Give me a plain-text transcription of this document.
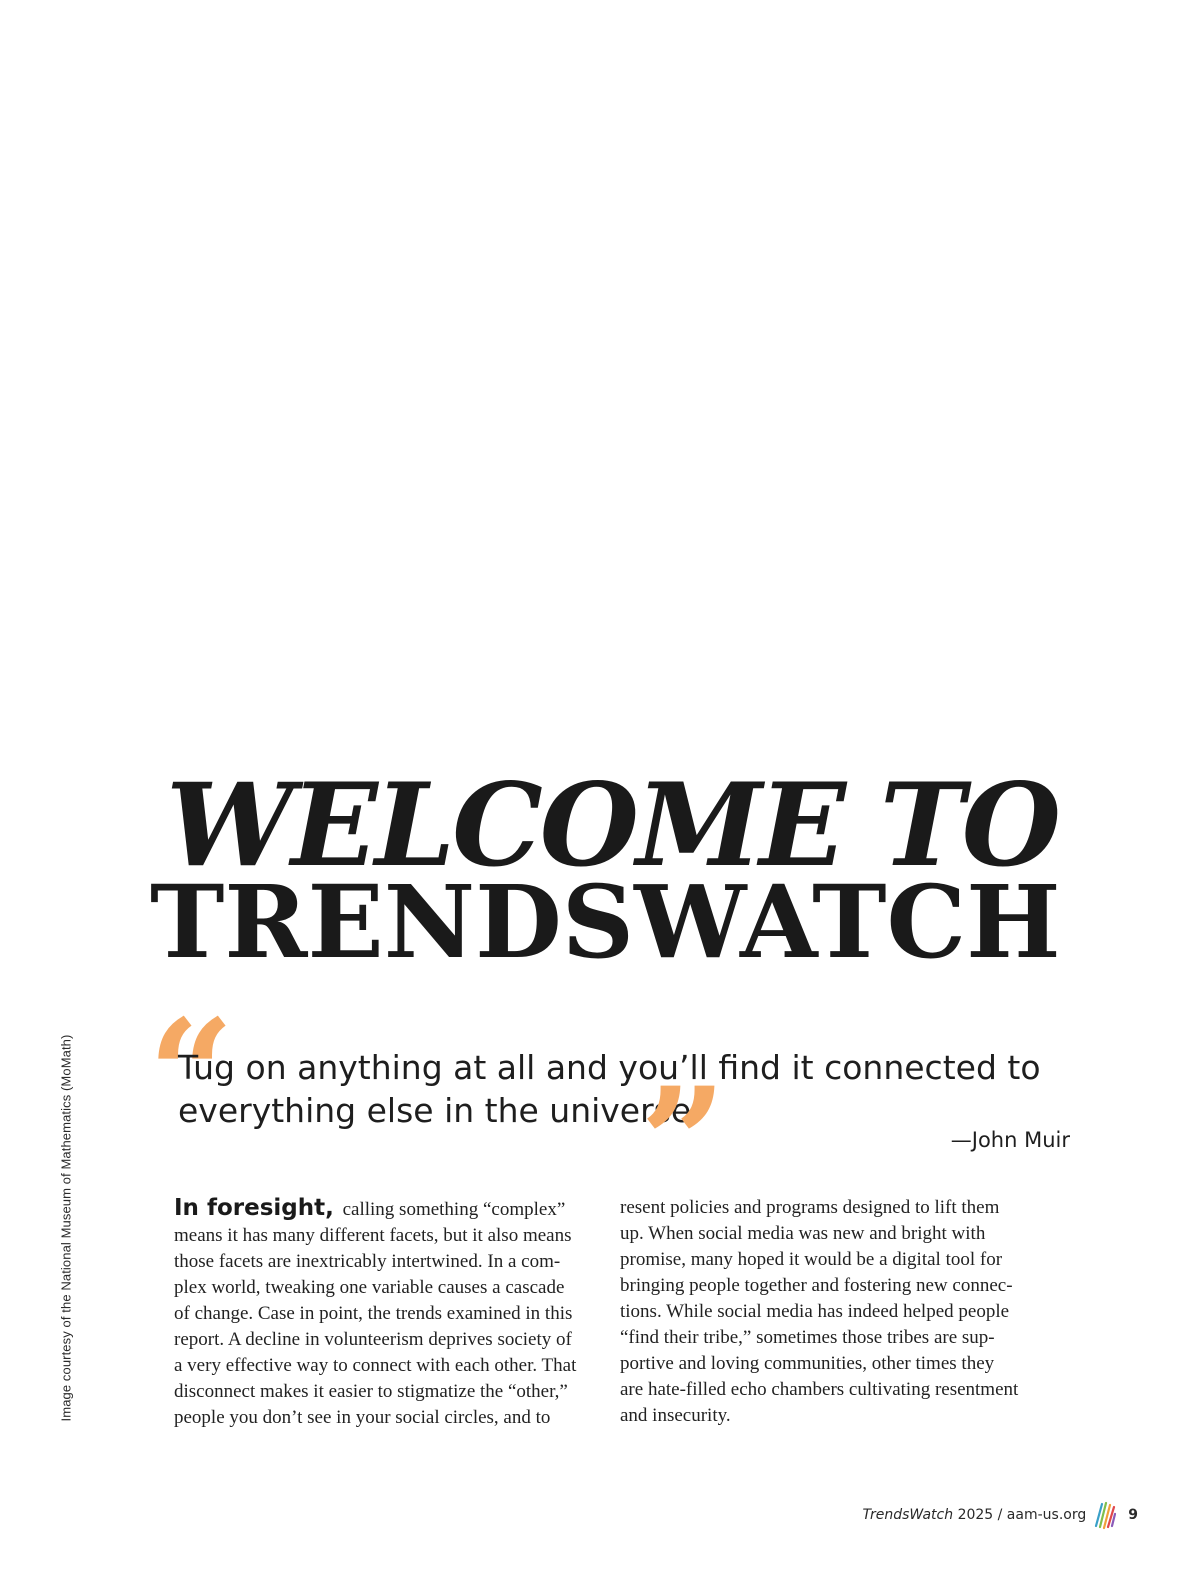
Image courtesy of the National Museum of Mathematics (MoMath)
WELCOME TO
TRENDSWATCH
“
Tug on anything at all and you’ll find it connected to everything else in the universe.
”	—John Muir
In foresight, calling something “complex”
means it has many different facets, but it also means
those facets are inextricably intertwined. In a com-
plex world, tweaking one variable causes a cascade
of change. Case in point, the trends examined in this
report. A decline in volunteerism deprives society of
a very effective way to connect with each other. That
disconnect makes it easier to stigmatize the “other,”
people you don’t see in your social circles, and to
resent policies and programs designed to lift them
up. When social media was new and bright with
promise, many hoped it would be a digital tool for
bringing people together and fostering new connec-
tions. While social media has indeed helped people
“find their tribe,” sometimes those tribes are sup-
portive and loving communities, other times they
are hate-filled echo chambers cultivating resentment
and insecurity.
TrendsWatch
2025 / aam-us.org	9
